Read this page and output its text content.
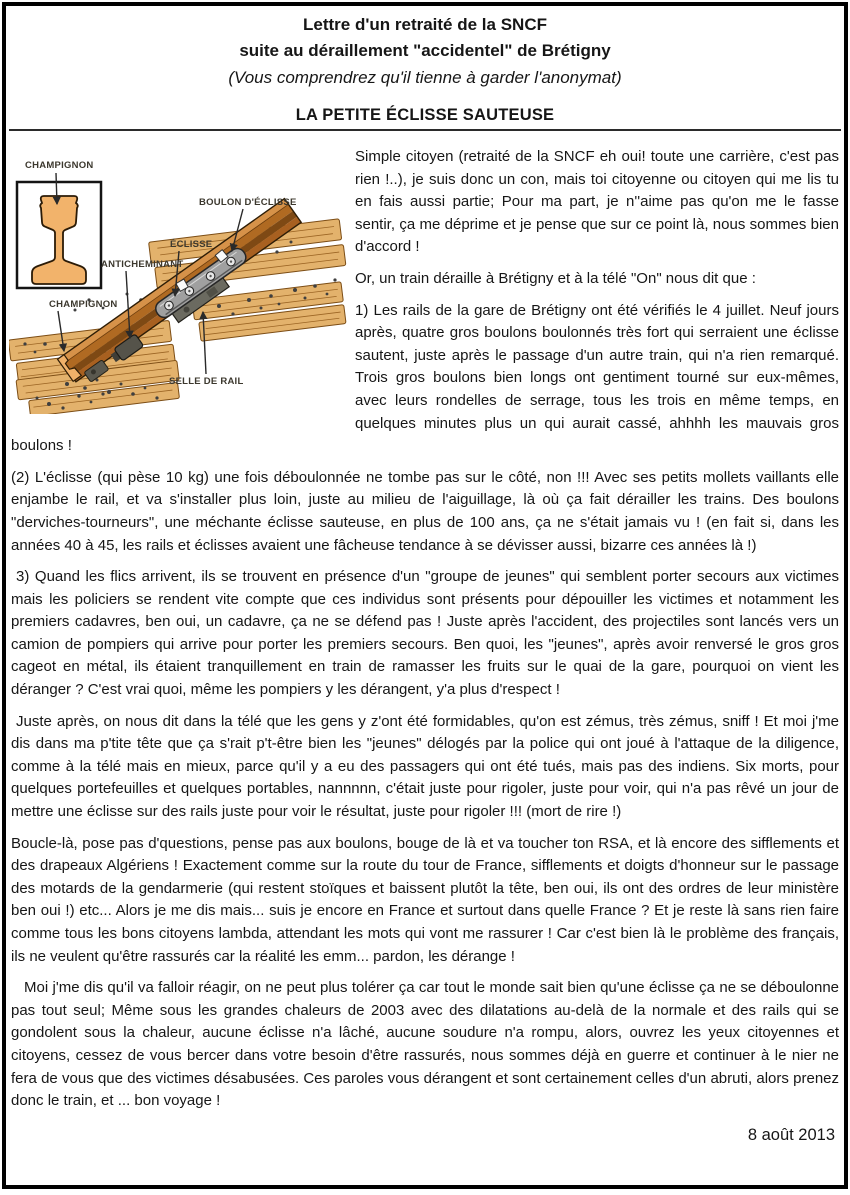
Lettre d'un retraité de la SNCF
suite au déraillement "accidentel" de Brétigny
(Vous comprendrez qu'il tienne à garder l'anonymat)
LA PETITE ÉCLISSE SAUTEUSE
CHAMPIGNON
BOULON D'ÉCLISSE
ÉCLISSE
ANTICHEMINANT
CHAMPIGNON
SELLE DE RAIL

Simple citoyen (retraité de la SNCF eh oui! toute une carrière, c'est pas rien !..), je suis donc un con, mais toi citoyenne ou citoyen qui me lis tu en fais aussi partie; Pour ma part, je n''aime pas qu'on me le fasse sentir, ça me déprime et je pense que sur ce point là, nous sommes bien d'accord !

Or, un train déraille à Brétigny et à la télé "On" nous dit que :

1) Les rails de la gare de Brétigny ont été vérifiés le 4 juillet. Neuf jours après, quatre gros boulons boulonnés très fort qui serraient une éclisse sautent, juste après le passage d'un autre train, qui n'a rien remarqué. Trois gros boulons bien longs ont gentiment tourné sur eux-mêmes, avec leurs rondelles de serrage, tous les trois en même temps, en quelques minutes plus un qui aurait cassé, ahhhh les mauvais gros boulons !

(2) L'éclisse (qui pèse 10 kg) une fois déboulonnée ne tombe pas sur le côté, non !!! Avec ses petits mollets vaillants elle enjambe le rail, et va s'installer plus loin, juste au milieu de l'aiguillage, là où ça fait dérailler les trains. Des boulons "derviches-tourneurs", une méchante éclisse sauteuse, en plus de 100 ans, ça ne s'était jamais vu ! (en fait si, dans les années 40 à 45, les rails et éclisses avaient une fâcheuse tendance à se dévisser aussi, bizarre ces années là !)

3) Quand les flics arrivent, ils se trouvent en présence d'un "groupe de jeunes" qui semblent porter secours aux victimes mais les policiers se rendent vite compte que ces individus sont présents pour dépouiller les victimes et notamment les premiers cadavres, ben oui, un cadavre, ça ne se défend pas ! Juste après l'accident, des projectiles sont lancés vers un camion de pompiers qui arrive pour porter les premiers secours. Ben quoi, les "jeunes", après avoir renversé le gros gros cageot en métal, ils étaient tranquillement en train de ramasser les fruits sur le quai de la gare, pourquoi on vient les déranger ? C'est vrai quoi, même les pompiers y les dérangent, y'a plus d'respect !

Juste après, on nous dit dans la télé que les gens y z'ont été formidables, qu'on est zémus, très zémus, sniff ! Et moi j'me dis dans ma p'tite tête que ça s'rait p't-être bien les "jeunes" délogés par la police qui ont joué à l'attaque de la diligence, comme à la télé mais en mieux, parce qu'il y a eu des passagers qui ont été tués, mais pas des indiens. Six morts, pour quelques portefeuilles et quelques portables, nannnnn, c'était juste pour rigoler, juste pour voir, qui n'a pas rêvé un jour de mettre une éclisse sur des rails juste pour voir le résultat, juste pour rigoler !!! (mort de rire !)

Boucle-là, pose pas d'questions, pense pas aux boulons, bouge de là et va toucher ton RSA, et là encore des sifflements et des drapeaux Algériens ! Exactement comme sur la route du tour de France, sifflements et doigts d'honneur sur le passage des motards de la gendarmerie (qui restent stoïques et baissent plutôt la tête, ben oui, ils ont des ordres de leur ministère ben oui !) etc... Alors je me dis mais... suis je encore en France et surtout dans quelle France ? Et je reste là sans rien faire comme tous les bons citoyens lambda, attendant les mots qui vont me rassurer ! Car c'est bien là le problème des français, ils ne veulent qu'être rassurés car la réalité les emm... pardon, les dérange !

Moi j'me dis qu'il va falloir réagir, on ne peut plus tolérer ça car tout le monde sait bien qu'une éclisse ça ne se déboulonne pas tout seul; Même sous les grandes chaleurs de 2003 avec des dilatations au-delà de la normale et des rails qui se gondolent sous la chaleur, aucune éclisse n'a lâché, aucune soudure n'a rompu, alors, ouvrez les yeux citoyennes et citoyens, cessez de vous bercer dans votre besoin d'être rassurés, nous sommes déjà en guerre et continuer à le nier ne fera de vous que des victimes désabusées. Ces paroles vous dérangent et sont certainement celles d'un abruti, alors prenez donc le train, et ... bon voyage !

8 août 2013
